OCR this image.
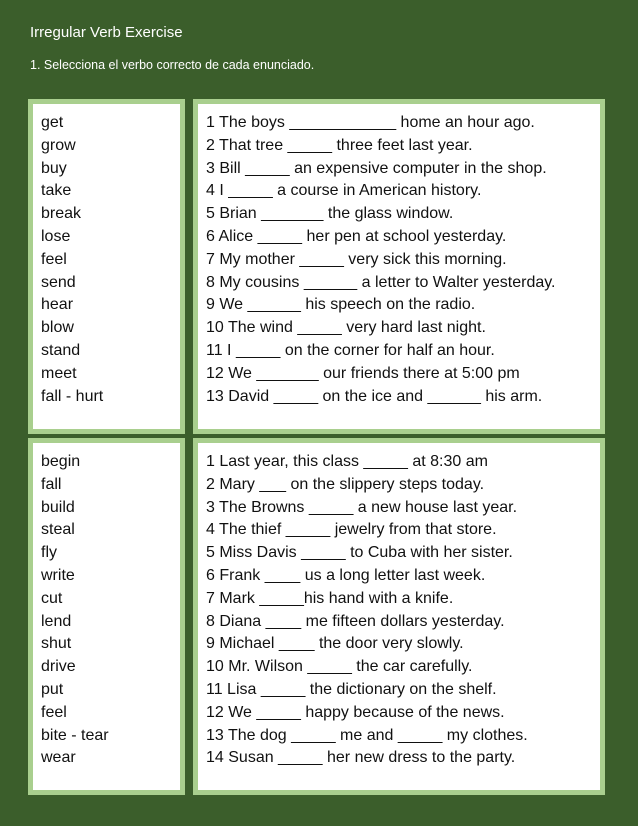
Irregular Verb Exercise
1. Selecciona el verbo correcto de cada enunciado.
get
grow
buy
take
break
lose
feel
send
hear
blow
stand
meet
fall - hurt
1 The boys ____________ home an hour ago.
2 That tree _____ three feet last year.
3 Bill _____ an expensive computer in the shop.
4 I _____ a course in American history.
5 Brian _______ the glass window.
6 Alice _____ her pen at school yesterday.
7 My mother _____ very sick this morning.
8 My cousins ______ a letter to Walter yesterday.
9 We ______ his speech on the radio.
10 The wind _____ very hard last night.
11 I _____ on the corner for half an hour.
12 We _______ our friends there at 5:00 pm
13 David _____ on the ice and ______ his arm.
begin
fall
build
steal
fly
write
cut
lend
shut
drive
put
feel
bite - tear
wear
1 Last year, this class _____ at 8:30 am
2 Mary ___ on the slippery steps today.
3 The Browns _____ a new house last year.
4 The thief _____ jewelry from that store.
5 Miss Davis _____ to Cuba with her sister.
6 Frank ____ us a long letter last week.
7 Mark _____his hand with a knife.
8 Diana ____ me fifteen dollars yesterday.
9 Michael ____ the door very slowly.
10 Mr. Wilson _____ the car carefully.
11 Lisa _____ the dictionary on the shelf.
12 We _____ happy because of the news.
13 The dog _____ me and _____ my clothes.
14 Susan _____ her new dress to the party.
